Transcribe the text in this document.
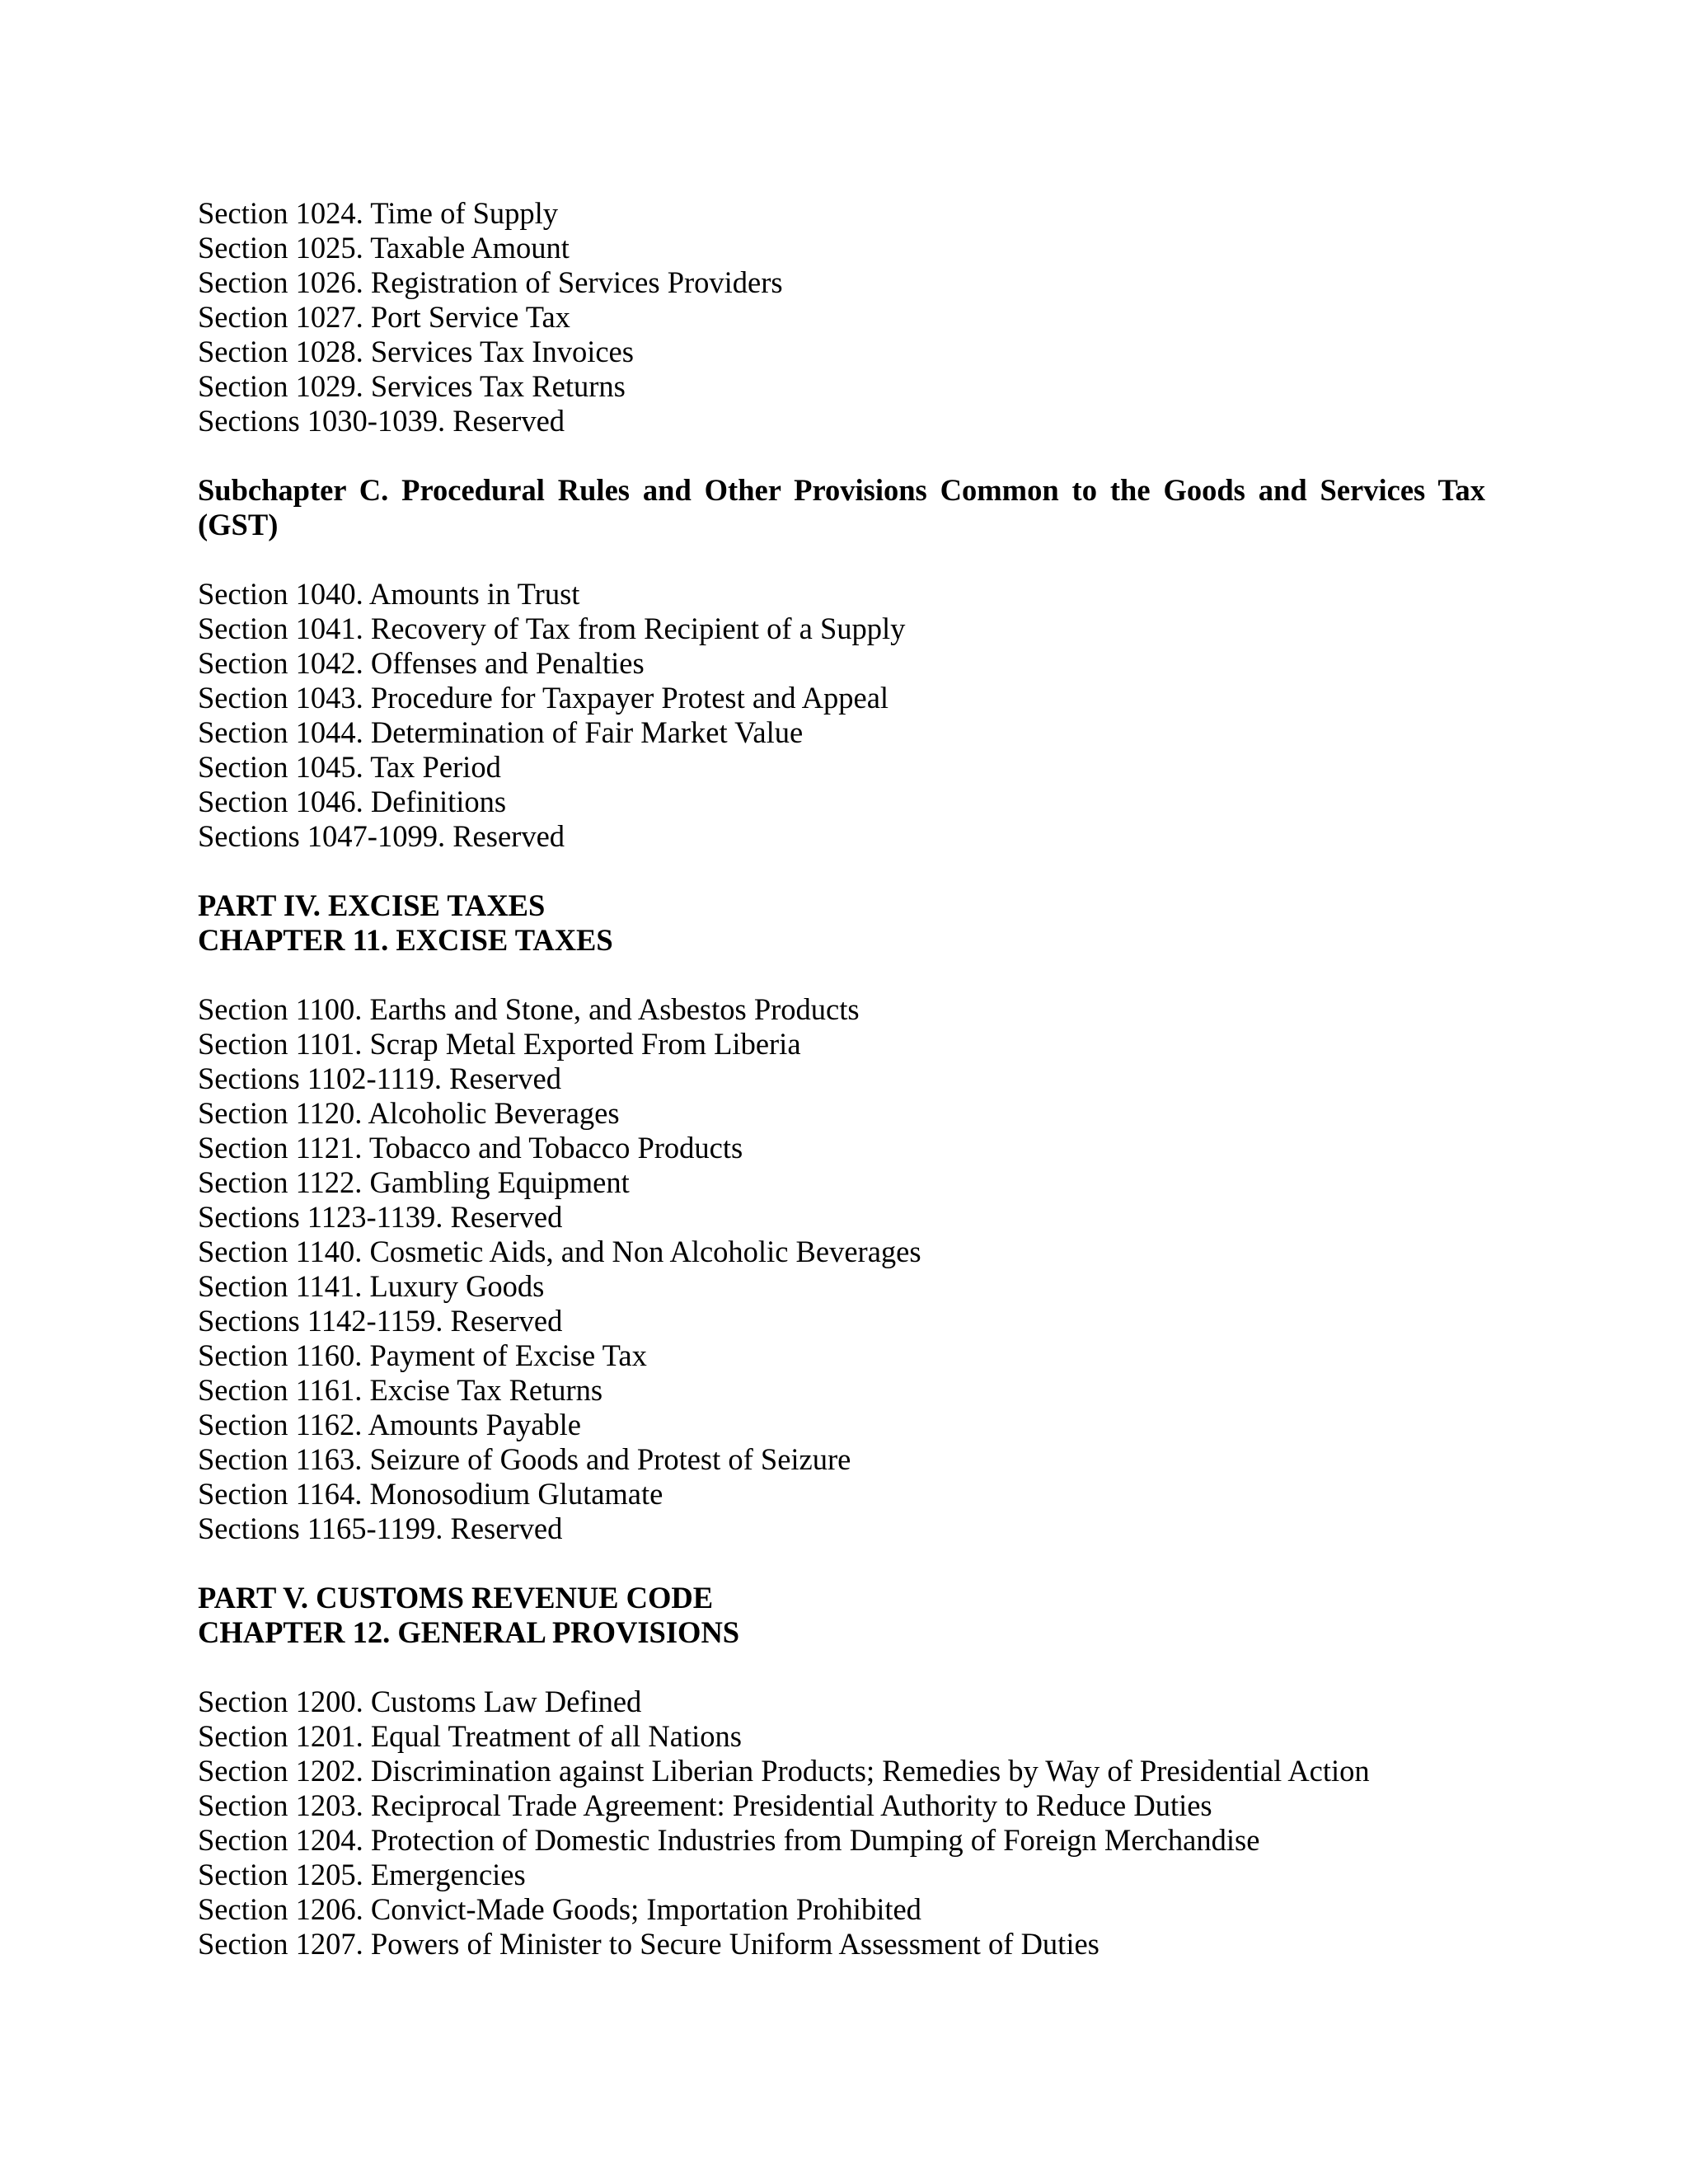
Section 1024. Time of Supply
Section 1025. Taxable Amount
Section 1026. Registration of Services Providers
Section 1027. Port Service Tax
Section 1028. Services Tax Invoices
Section 1029. Services Tax Returns
Sections 1030-1039. Reserved
Subchapter C. Procedural Rules and Other Provisions Common to the Goods and Services Tax (GST)
Section 1040. Amounts in Trust
Section 1041. Recovery of Tax from Recipient of a Supply
Section 1042. Offenses and Penalties
Section 1043. Procedure for Taxpayer Protest and Appeal
Section 1044. Determination of Fair Market Value
Section 1045. Tax Period
Section 1046. Definitions
Sections 1047-1099. Reserved
PART IV. EXCISE TAXES
CHAPTER 11. EXCISE TAXES
Section 1100. Earths and Stone, and Asbestos Products
Section 1101. Scrap Metal Exported From Liberia
Sections 1102-1119. Reserved
Section 1120. Alcoholic Beverages
Section 1121. Tobacco and Tobacco Products
Section 1122. Gambling Equipment
Sections 1123-1139. Reserved
Section 1140. Cosmetic Aids, and Non Alcoholic Beverages
Section 1141. Luxury Goods
Sections 1142-1159. Reserved
Section 1160. Payment of Excise Tax
Section 1161. Excise Tax Returns
Section 1162. Amounts Payable
Section 1163. Seizure of Goods and Protest of Seizure
Section 1164. Monosodium Glutamate
Sections 1165-1199. Reserved
PART V. CUSTOMS REVENUE CODE
CHAPTER 12. GENERAL PROVISIONS
Section 1200. Customs Law Defined
Section 1201. Equal Treatment of all Nations
Section 1202. Discrimination against Liberian Products; Remedies by Way of Presidential Action
Section 1203. Reciprocal Trade Agreement: Presidential Authority to Reduce Duties
Section 1204. Protection of Domestic Industries from Dumping of Foreign Merchandise
Section 1205. Emergencies
Section 1206. Convict-Made Goods; Importation Prohibited
Section 1207. Powers of Minister to Secure Uniform Assessment of Duties
